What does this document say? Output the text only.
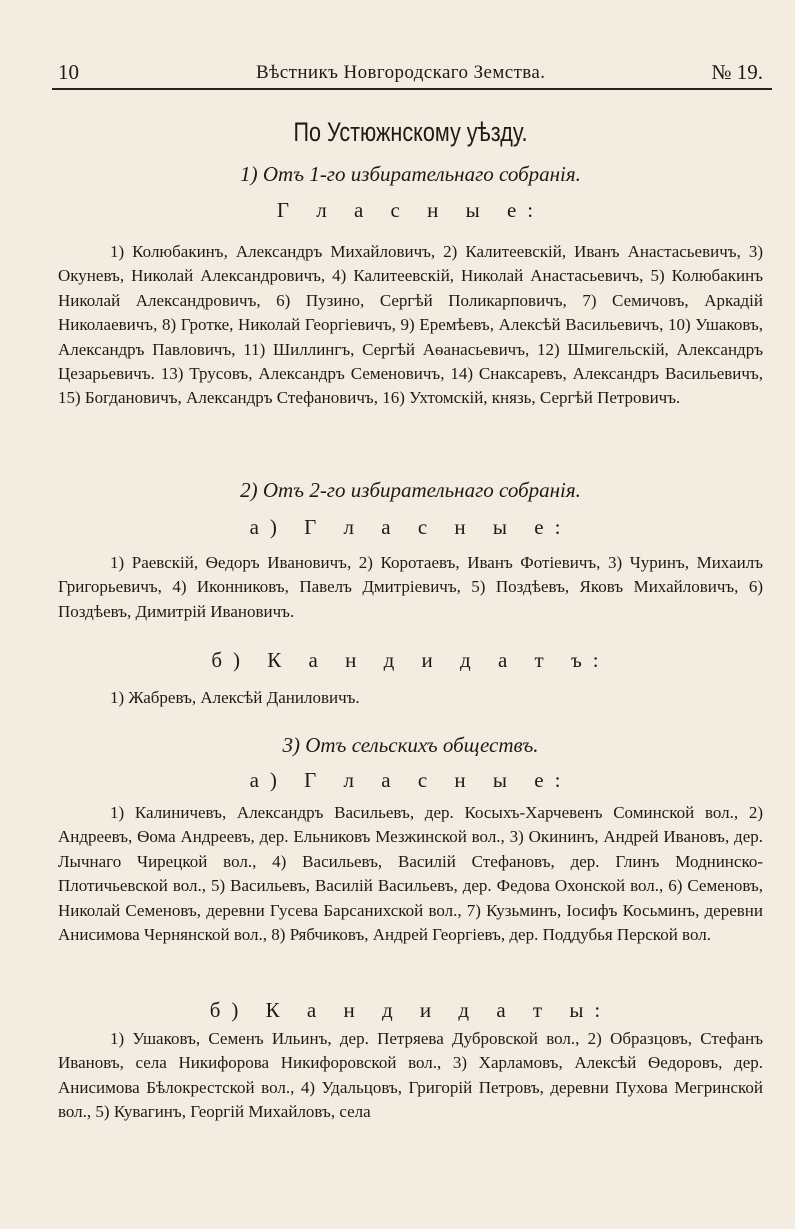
10	Вѣстникъ Новгородскаго Земства.	№ 19.
По Устюжнскому уѣзду.
1) Отъ 1-го избирательнаго собранія.
Г л а с н ы е:

1) Колюбакинъ, Александръ Михайловичъ, 2) Калитеевскій, Иванъ Анастасьевичъ, 3) Окуневъ, Николай Александровичъ, 4) Калитеевскій, Николай Анастасьевичъ, 5) Колюбакинъ Николай Александровичъ, 6) Пузино, Сергѣй Поликарповичъ, 7) Семичовъ, Аркадій Николаевичъ, 8) Гротке, Николай Георгіевичъ, 9) Еремѣевъ, Алексѣй Васильевичъ, 10) Ушаковъ, Александръ Павловичъ, 11) Шиллингъ, Сергѣй Аѳанасьевичъ, 12) Шмигельскій, Александръ Цезарьевичъ. 13) Трусовъ, Александръ Семеновичъ, 14) Снаксаревъ, Александръ Васильевичъ, 15) Богдановичъ, Александръ Стефановичъ, 16) Ухтомскій, князь, Сергѣй Петровичъ.

2) Отъ 2-го избирательнаго собранія.
а) Г л а с н ы е:

1) Раевскій, Ѳедоръ Ивановичъ, 2) Коротаевъ, Иванъ Фотіевичъ, 3) Чуринъ, Михаилъ Григорьевичъ, 4) Иконниковъ, Павелъ Дмитріевичъ, 5) Поздѣевъ, Яковъ Михайловичъ, 6) Поздѣевъ, Димитрій Ивановичъ.

б) К а н д и д а т ъ:

1) Жабревъ, Алексѣй Даниловичъ.

3) Отъ сельскихъ обществъ.
а) Г л а с н ы е:

1) Калиничевъ, Александръ Васильевъ, дер. Косыхъ-Харчевенъ Соминской вол., 2) Андреевъ, Ѳома Андреевъ, дер. Ельниковъ Мезжинской вол., 3) Окининъ, Андрей Ивановъ, дер. Лычнаго Чирецкой вол., 4) Васильевъ, Василій Стефановъ, дер. Глинъ Моднинско-Плотичьевской вол., 5) Васильевъ, Василій Васильевъ, дер. Федова Охонской вол., 6) Семеновъ, Николай Семеновъ, деревни Гусева Барсанихской вол., 7) Кузьминъ, Іосифъ Косьминъ, деревни Анисимова Чернянской вол., 8) Рябчиковъ, Андрей Георгіевъ, дер. Поддубья Перской вол.

б) К а н д и д а т ы:

1) Ушаковъ, Семенъ Ильинъ, дер. Петряева Дубровской вол., 2) Образцовъ, Стефанъ Ивановъ, села Никифорова Никифоровской вол., 3) Харламовъ, Алексѣй Ѳедоровъ, дер. Анисимова Бѣлокрестской вол., 4) Удальцовъ, Григорій Петровъ, деревни Пухова Мегринской вол., 5) Кувагинъ, Георгій Михайловъ, села
